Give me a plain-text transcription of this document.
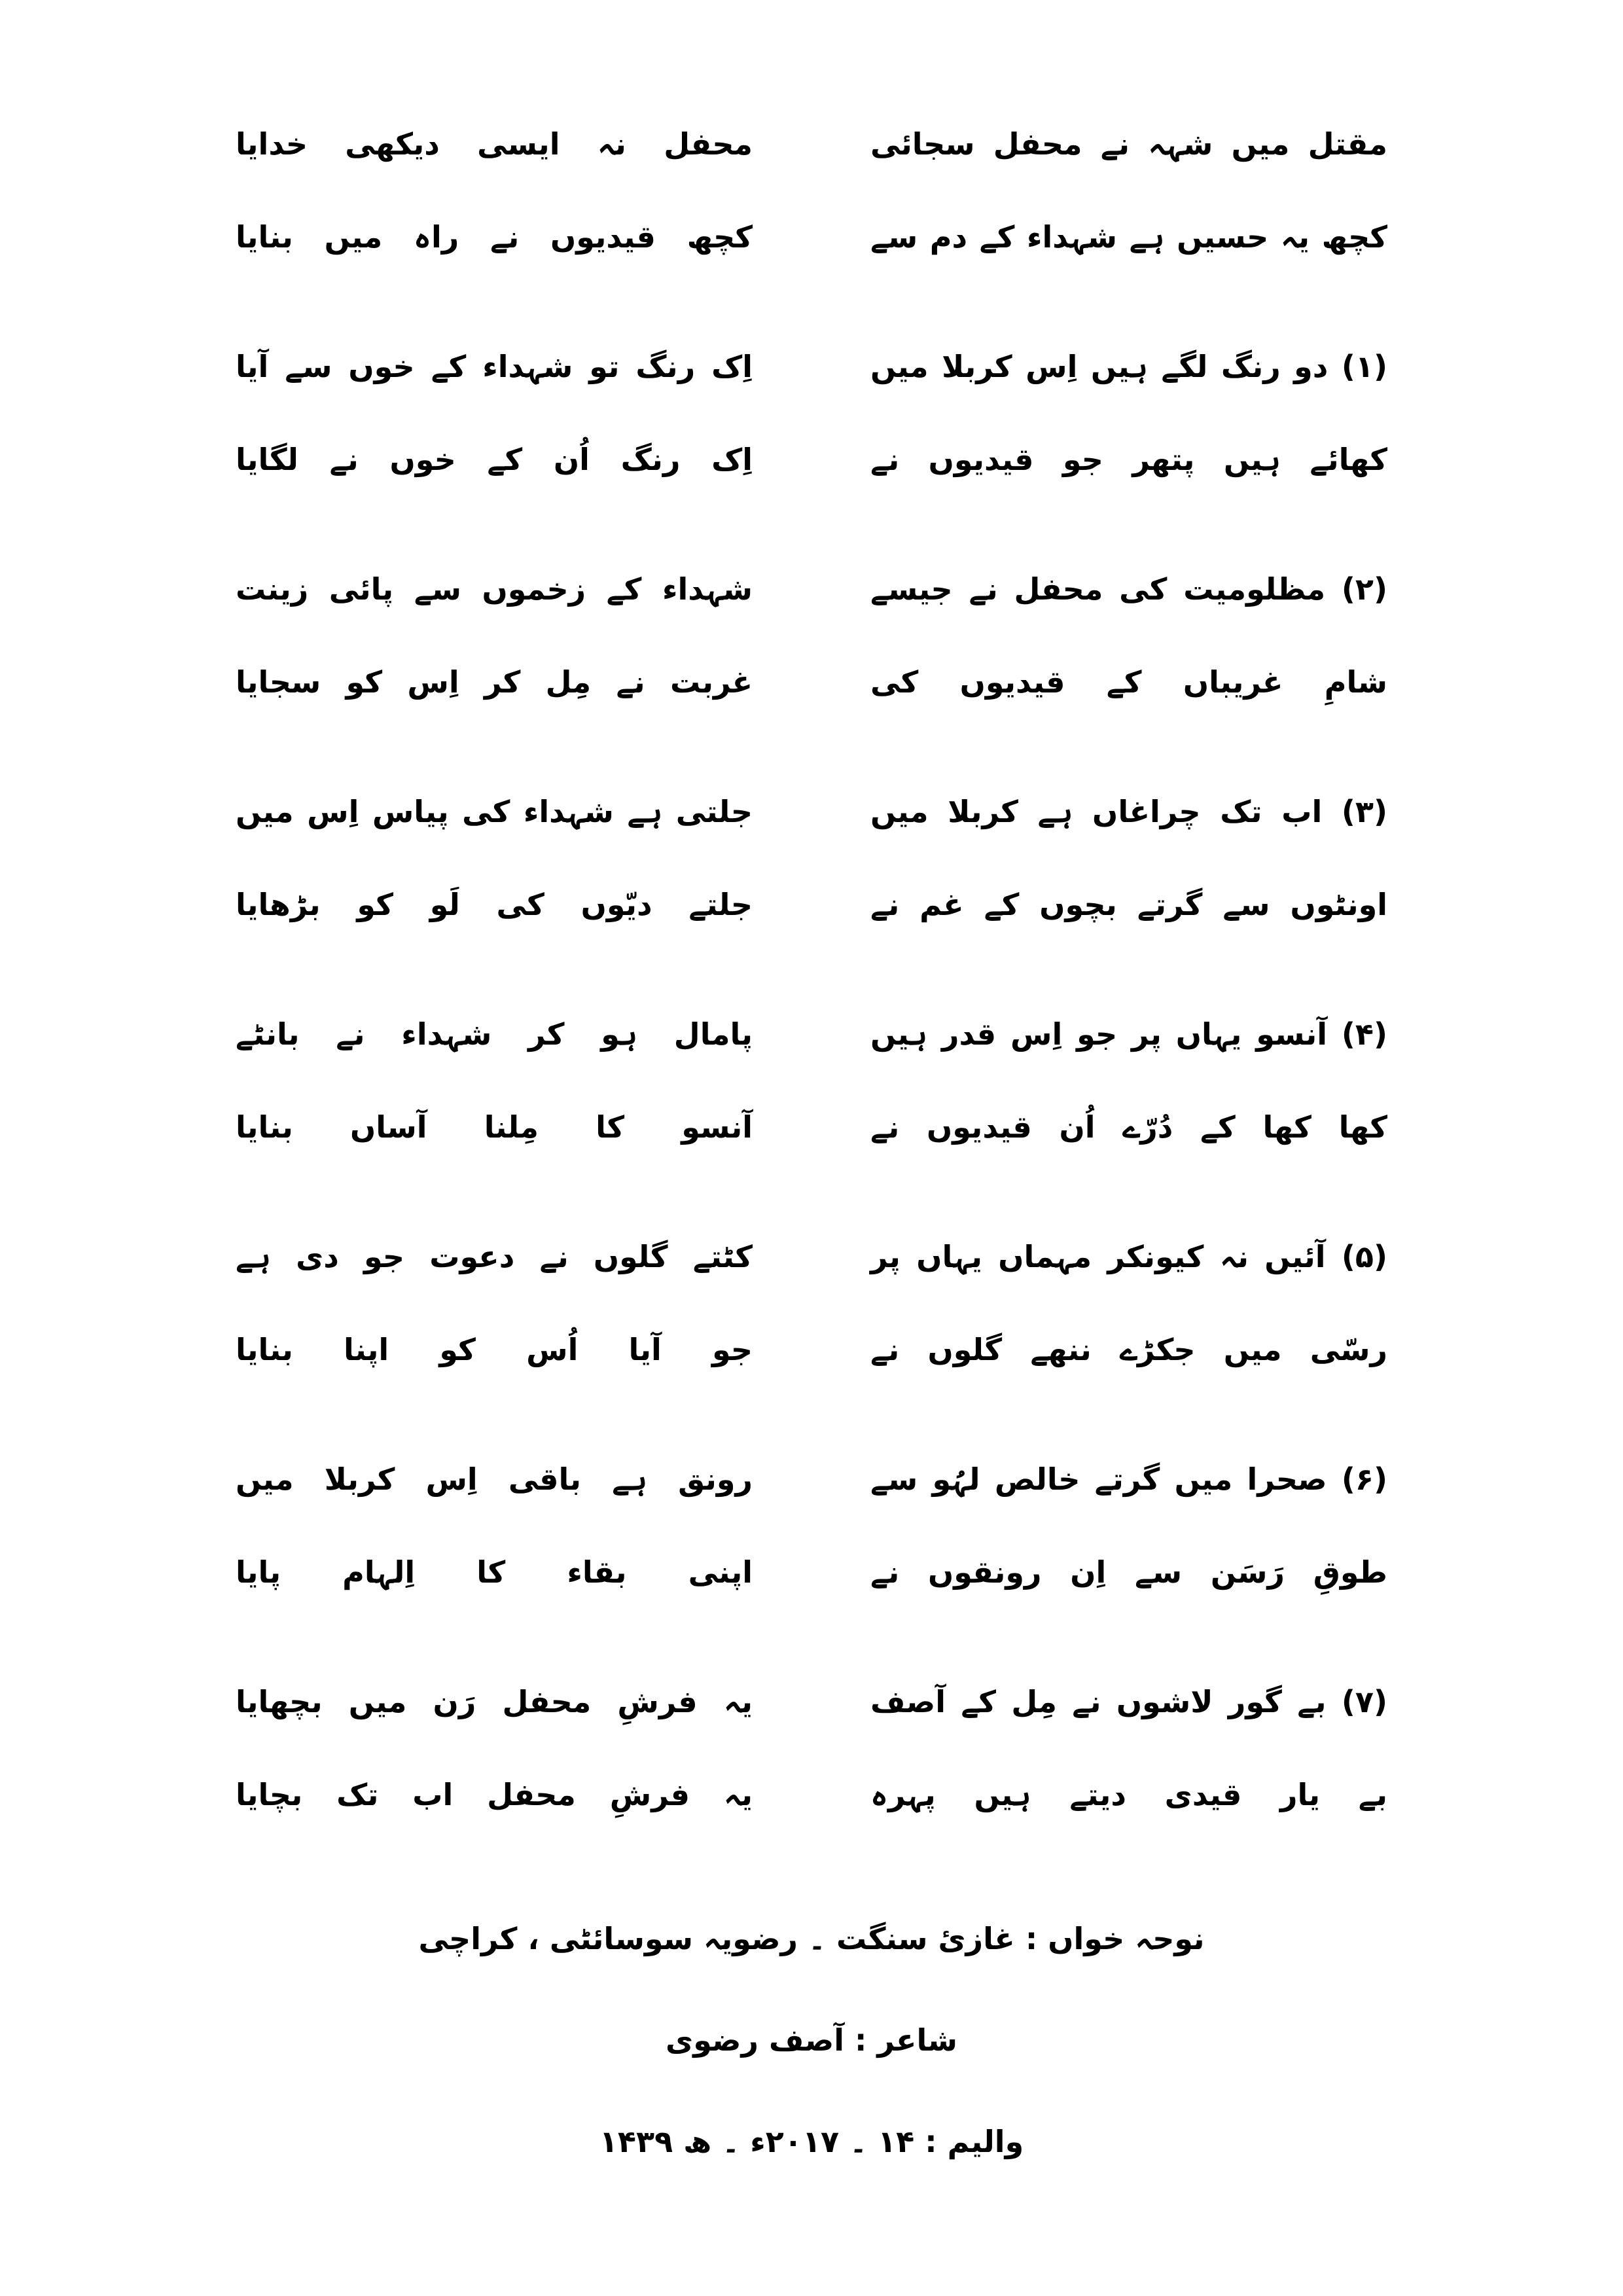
مقتل میں شہہ نے محفل سجائی
محفل نہ ایسی دیکھی خدایا
کچھ یہ حسیں ہے شہداء کے دم سے
کچھ قیدیوں نے راہ میں بنایا
(۱) دو رنگ لگے ہیں اِس کربلا میں
اِک رنگ تو شہداء کے خوں سے آیا
کھائے ہیں پتھر جو قیدیوں نے
اِک رنگ اُن کے خوں نے لگایا
(۲) مظلومیت کی محفل نے جیسے
شہداء کے زخموں سے پائی زینت
شامِ غریباں کے قیدیوں کی
غربت نے مِل کر اِس کو سجایا
(۳) اب تک چراغاں ہے کربلا میں
جلتی ہے شہداء کی پیاس اِس میں
اونٹوں سے گرتے بچوں کے غم نے
جلتے دیّوں کی لَو کو بڑھایا
(۴) آنسو یہاں پر جو اِس قدر ہیں
پامال ہو کر شہداء نے بانٹے
کھا کھا کے دُرّے اُن قیدیوں نے
آنسو کا مِلنا آساں بنایا
(۵) آئیں نہ کیونکر مہماں یہاں پر
کٹتے گلوں نے دعوت جو دی ہے
رسّی میں جکڑے ننھے گلوں نے
جو آیا اُس کو اپنا بنایا
(۶) صحرا میں گرتے خالص لہُو سے
رونق ہے باقی اِس کربلا میں
طوقِ رَسَن سے اِن رونقوں نے
اپنی بقاء کا اِلہام پایا
(۷) بے گور لاشوں نے مِل کے آصف
یہ فرشِ محفل رَن میں بچھایا
بے یار قیدی دیتے ہیں پہرہ
یہ فرشِ محفل اب تک بچایا
نوحہ خواں : غازیٔ سنگت ۔ رضویہ سوسائٹی ، کراچی
شاعر : آصف رضوی
والیم : ۱۴ ۔ ۲۰۱۷ء ۔ ھ ۱۴۳۹
